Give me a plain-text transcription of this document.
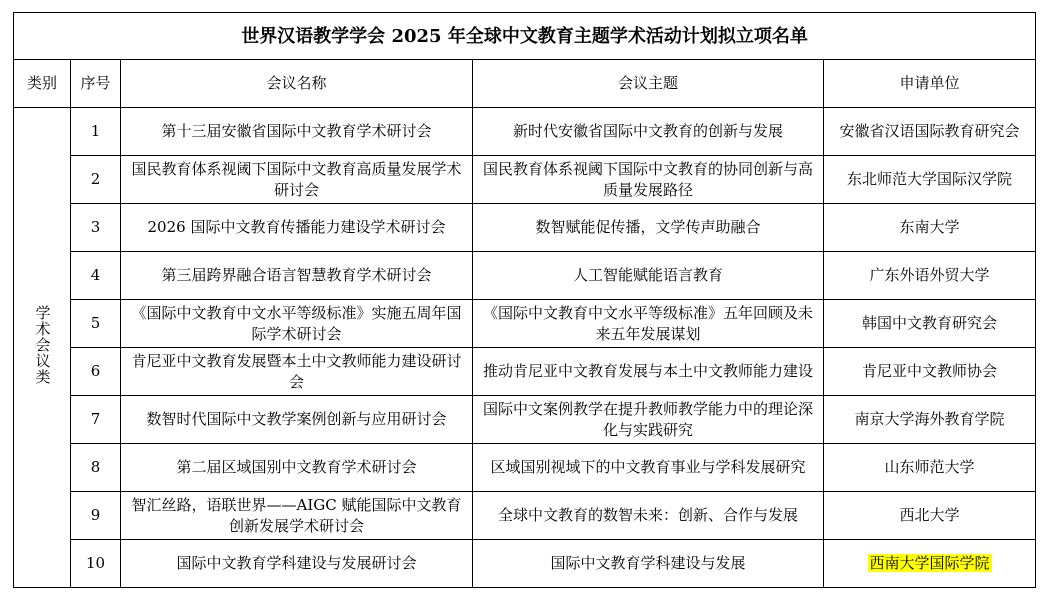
世界汉语教学学会 2025 年全球中文教育主题学术活动计划拟立项名单				
类别	序号	会议名称	会议主题	申请单位
学术会议类	1	第十三届安徽省国际中文教育学术研讨会	新时代安徽省国际中文教育的创新与发展	安徽省汉语国际教育研究会
	2	国民教育体系视阈下国际中文教育高质量发展学术研讨会	国民教育体系视阈下国际中文教育的协同创新与高质量发展路径	东北师范大学国际汉学院
	3	2026 国际中文教育传播能力建设学术研讨会	数智赋能促传播，文学传声助融合	东南大学
	4	第三届跨界融合语言智慧教育学术研讨会	人工智能赋能语言教育	广东外语外贸大学
	5	《国际中文教育中文水平等级标准》实施五周年国际学术研讨会	《国际中文教育中文水平等级标准》五年回顾及未来五年发展谋划	韩国中文教育研究会
	6	肯尼亚中文教育发展暨本土中文教师能力建设研讨会	推动肯尼亚中文教育发展与本土中文教师能力建设	肯尼亚中文教师协会
	7	数智时代国际中文教学案例创新与应用研讨会	国际中文案例教学在提升教师教学能力中的理论深化与实践研究	南京大学海外教育学院
	8	第二届区域国别中文教育学术研讨会	区域国别视域下的中文教育事业与学科发展研究	山东师范大学
	9	智汇丝路，语联世界——AIGC 赋能国际中文教育创新发展学术研讨会	全球中文教育的数智未来：创新、合作与发展	西北大学
	10	国际中文教育学科建设与发展研讨会	国际中文教育学科建设与发展	西南大学国际学院
